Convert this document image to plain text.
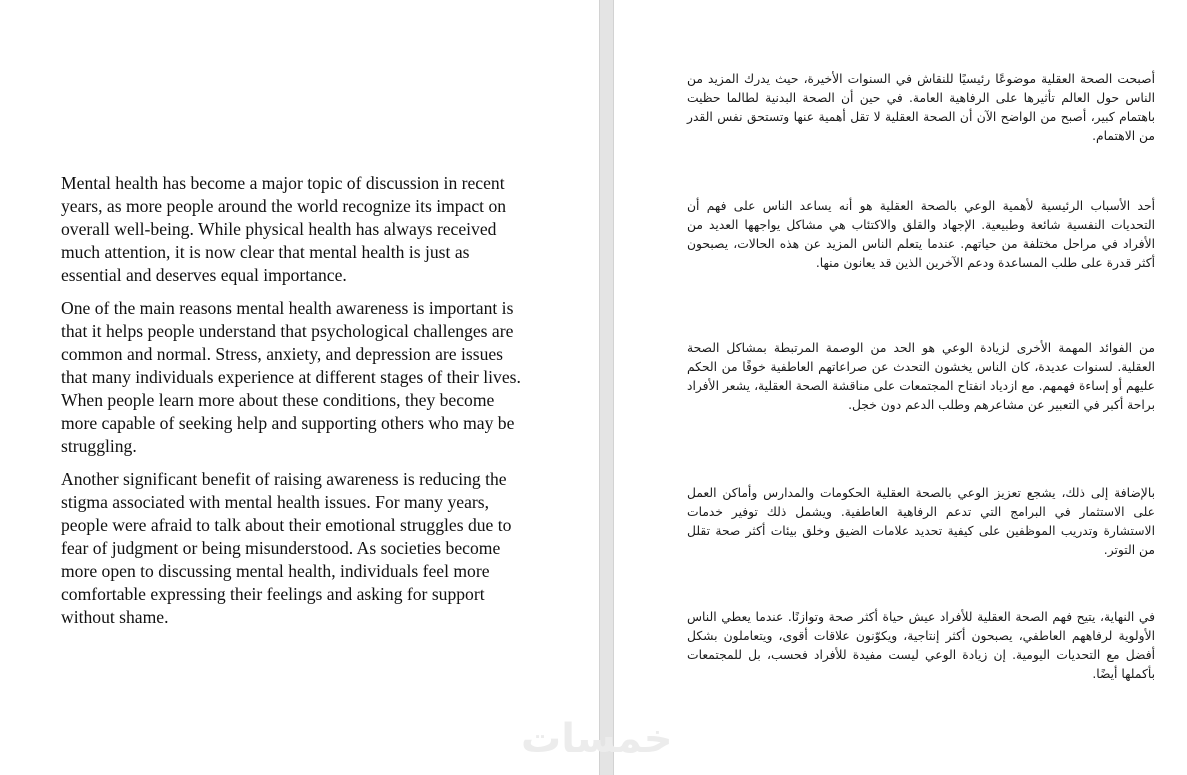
Mental health has become a major topic of discussion in recent years, as more people around the world recognize its impact on overall well-being. While physical health has always received much attention, it is now clear that mental health is just as essential and deserves equal importance.

One of the main reasons mental health awareness is important is that it helps people understand that psychological challenges are common and normal. Stress, anxiety, and depression are issues that many individuals experience at different stages of their lives. When people learn more about these conditions, they become more capable of seeking help and supporting others who may be struggling.

Another significant benefit of raising awareness is reducing the stigma associated with mental health issues. For many years, people were afraid to talk about their emotional struggles due to fear of judgment or being misunderstood. As societies become more open to discussing mental health, individuals feel more comfortable expressing their feelings and asking for support without shame.

أصبحت الصحة العقلية موضوعًا رئيسيًا للنقاش في السنوات الأخيرة، حيث يدرك المزيد من الناس حول العالم تأثيرها على الرفاهية العامة. في حين أن الصحة البدنية لطالما حظيت باهتمام كبير، أصبح من الواضح الآن أن الصحة العقلية لا تقل أهمية عنها وتستحق نفس القدر من الاهتمام.

أحد الأسباب الرئيسية لأهمية الوعي بالصحة العقلية هو أنه يساعد الناس على فهم أن التحديات النفسية شائعة وطبيعية. الإجهاد والقلق والاكتئاب هي مشاكل يواجهها العديد من الأفراد في مراحل مختلفة من حياتهم. عندما يتعلم الناس المزيد عن هذه الحالات، يصبحون أكثر قدرة على طلب المساعدة ودعم الآخرين الذين قد يعانون منها.

من الفوائد المهمة الأخرى لزيادة الوعي هو الحد من الوصمة المرتبطة بمشاكل الصحة العقلية. لسنوات عديدة، كان الناس يخشون التحدث عن صراعاتهم العاطفية خوفًا من الحكم عليهم أو إساءة فهمهم. مع ازدياد انفتاح المجتمعات على مناقشة الصحة العقلية، يشعر الأفراد براحة أكبر في التعبير عن مشاعرهم وطلب الدعم دون خجل.

بالإضافة إلى ذلك، يشجع تعزيز الوعي بالصحة العقلية الحكومات والمدارس وأماكن العمل على الاستثمار في البرامج التي تدعم الرفاهية العاطفية. ويشمل ذلك توفير خدمات الاستشارة وتدريب الموظفين على كيفية تحديد علامات الضيق وخلق بيئات أكثر صحة تقلل من التوتر.

في النهاية، يتيح فهم الصحة العقلية للأفراد عيش حياة أكثر صحة وتوازنًا. عندما يعطي الناس الأولوية لرفاههم العاطفي، يصبحون أكثر إنتاجية، ويكوّنون علاقات أقوى، ويتعاملون بشكل أفضل مع التحديات اليومية. إن زيادة الوعي ليست مفيدة للأفراد فحسب، بل للمجتمعات بأكملها أيضًا.

خمسات
